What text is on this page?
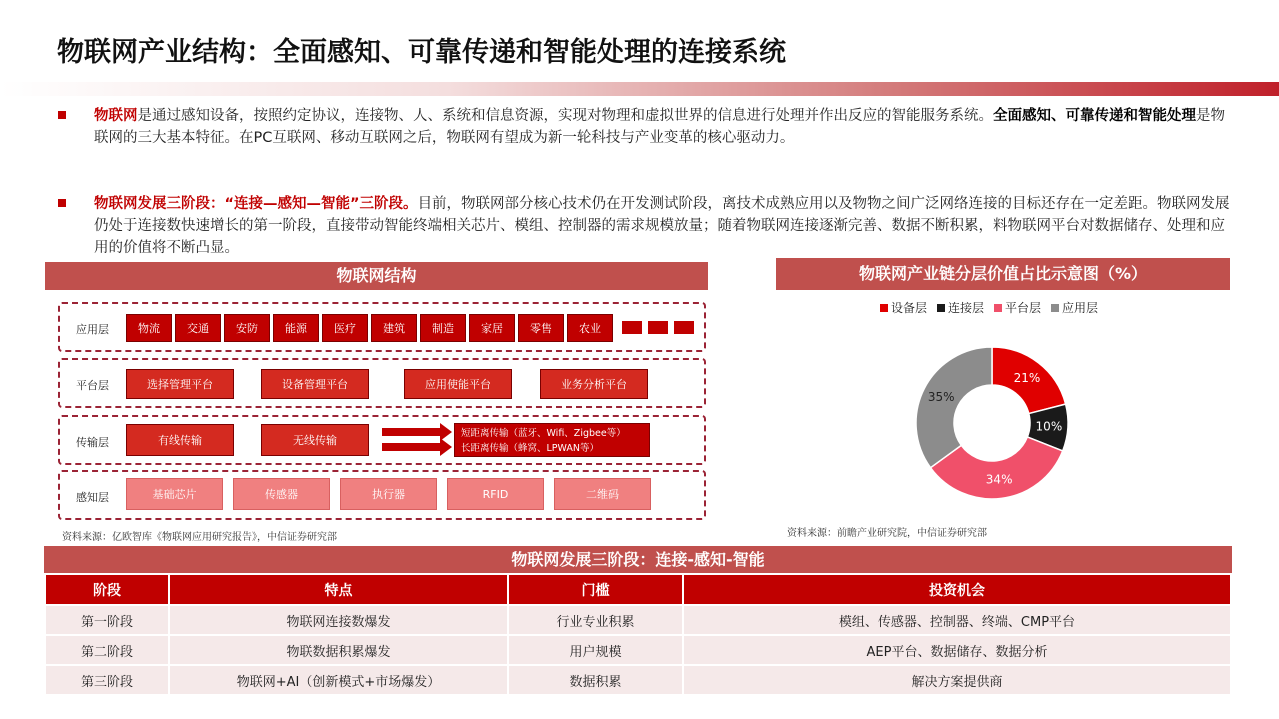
物联网产业结构：全面感知、可靠传递和智能处理的连接系统
物联网是通过感知设备，按照约定协议，连接物、人、系统和信息资源，实现对物理和虚拟世界的信息进行处理并作出反应的智能服务系统。全面感知、可靠传递和智能处理是物联网的三大基本特征。在PC互联网、移动互联网之后，物联网有望成为新一轮科技与产业变革的核心驱动力。
物联网发展三阶段：“连接—感知—智能”三阶段。目前，物联网部分核心技术仍在开发测试阶段，离技术成熟应用以及物物之间广泛网络连接的目标还存在一定差距。物联网发展仍处于连接数快速增长的第一阶段，直接带动智能终端相关芯片、模组、控制器的需求规模放量；随着物联网连接逐渐完善、数据不断积累，料物联网平台对数据储存、处理和应用的价值将不断凸显。
物联网结构
应用层	物流	交通	安防	能源	医疗	建筑	制造	家居	零售	农业
平台层	选择管理平台	设备管理平台	应用使能平台	业务分析平台
传输层	有线传输	无线传输
短距离传输（蓝牙、Wifi、Zigbee等）
长距离传输（蜂窝、LPWAN等）
感知层	基础芯片	传感器	执行器	RFID	二维码
资料来源：亿欧智库《物联网应用研究报告》，中信证券研究部
物联网产业链分层价值占比示意图（%）
设备层	连接层	平台层	应用层
21%
10%
34%
35%
资料来源：前瞻产业研究院，中信证券研究部
物联网发展三阶段：连接-感知-智能
阶段	特点	门槛	投资机会
第一阶段	物联网连接数爆发	行业专业积累	模组、传感器、控制器、终端、CMP平台
第二阶段	物联数据积累爆发	用户规模	AEP平台、数据储存、数据分析
第三阶段	物联网+AI（创新模式+市场爆发）	数据积累	解决方案提供商
